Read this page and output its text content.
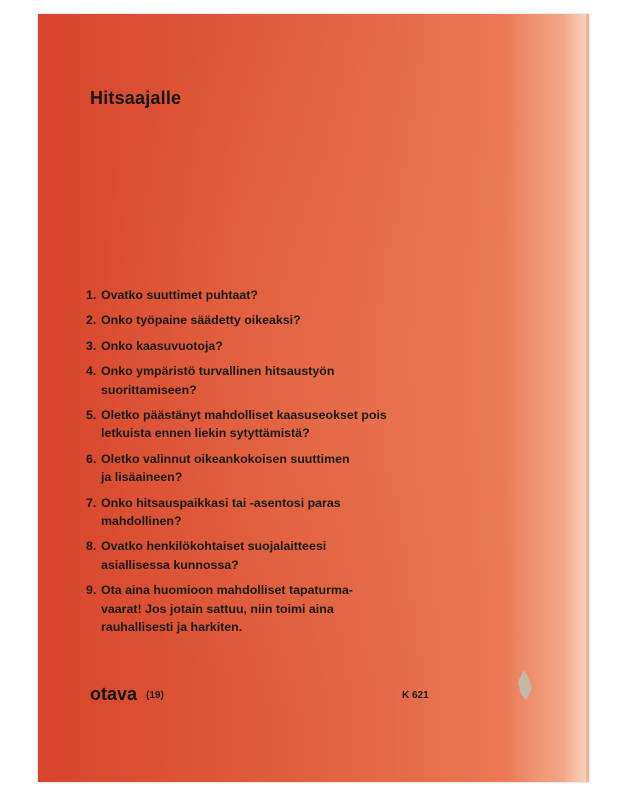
Hitsaajalle
1. Ovatko suuttimet puhtaat?
2. Onko työpaine säädetty oikeaksi?
3. Onko kaasuvuotoja?
4. Onko ympäristö turvallinen hitsaustyön
suorittamiseen?
5. Oletko päästänyt mahdolliset kaasuseokset pois
letkuista ennen liekin sytyttämistä?
6. Oletko valinnut oikeankokoisen suuttimen
ja lisäaineen?
7. Onko hitsauspaikkasi tai -asentosi paras
mahdollinen?
8. Ovatko henkilökohtaiset suojalaitteesi
asiallisessa kunnossa?
9. Ota aina huomioon mahdolliset tapaturma-
vaarat! Jos jotain sattuu, niin toimi aina
rauhallisesti ja harkiten.
otava (19)	K 621
